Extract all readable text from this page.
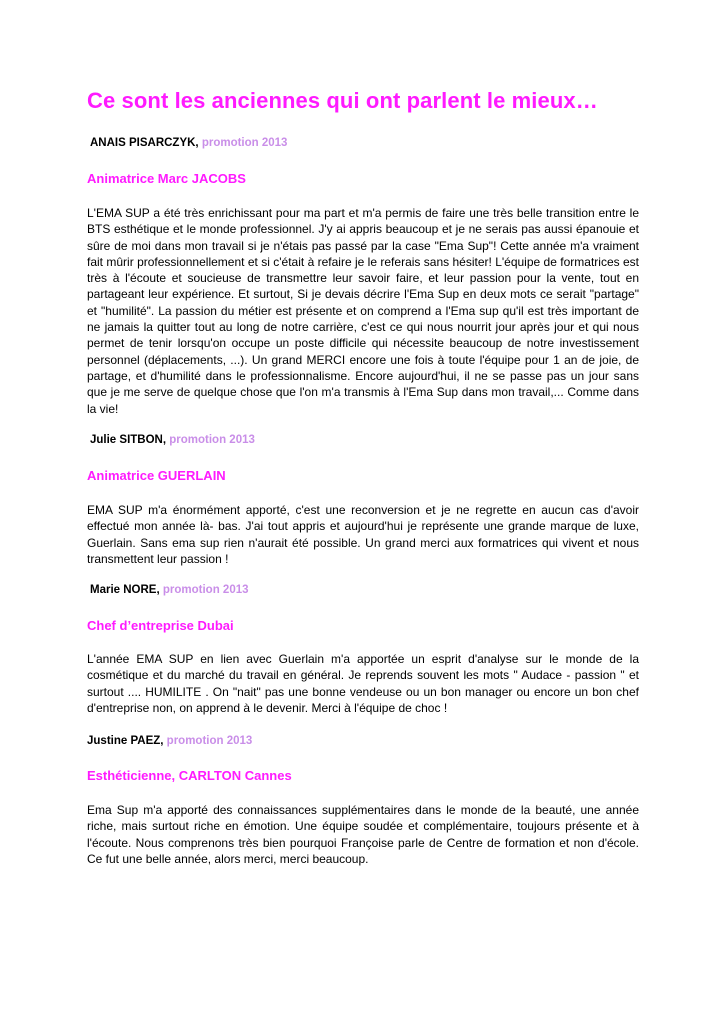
Ce sont les anciennes qui ont parlent le mieux…
ANAIS PISARCZYK, promotion 2013
Animatrice Marc JACOBS

L'EMA SUP a été très enrichissant pour ma part et m'a permis de faire une très belle transition entre le BTS esthétique et le monde professionnel. J'y ai appris beaucoup et je ne serais pas aussi épanouie et sûre de moi dans mon travail si je n'étais pas passé par la case "Ema Sup"! Cette année m'a vraiment fait mûrir professionnellement et si c'était à refaire je le referais sans hésiter! L'équipe de formatrices est très à l'écoute et soucieuse de transmettre leur savoir faire, et leur passion pour la vente, tout en partageant leur expérience. Et surtout, Si je devais décrire l'Ema Sup en deux mots ce serait "partage" et "humilité". La passion du métier est présente et on comprend a l'Ema sup qu'il est très important de ne jamais la quitter tout au long de notre carrière, c'est ce qui nous nourrit jour après jour et qui nous permet de tenir lorsqu'on occupe un poste difficile qui nécessite beaucoup de notre investissement personnel (déplacements, ...). Un grand MERCI encore une fois à toute l'équipe pour 1 an de joie, de partage, et d'humilité dans le professionnalisme. Encore aujourd'hui, il ne se passe pas un jour sans que je me serve de quelque chose que l'on m'a transmis à l'Ema Sup dans mon travail,... Comme dans la vie!

Julie SITBON, promotion 2013
Animatrice GUERLAIN

EMA SUP m'a énormément apporté, c'est une reconversion et je ne regrette en aucun cas d'avoir effectué mon année là- bas. J'ai tout appris et aujourd'hui je représente une grande marque de luxe, Guerlain. Sans ema sup rien n'aurait été possible. Un grand merci aux formatrices qui vivent et nous transmettent leur passion !

Marie NORE, promotion 2013
Chef d’entreprise Dubai

L'année EMA SUP en lien avec Guerlain m'a apportée un esprit d'analyse sur le monde de la cosmétique et du marché du travail en général. Je reprends souvent les mots " Audace - passion " et surtout .... HUMILITE . On "nait" pas une bonne vendeuse ou un bon manager ou encore un bon chef d'entreprise non, on apprend à le devenir. Merci à l'équipe de choc !

Justine PAEZ, promotion 2013
Esthéticienne, CARLTON Cannes

Ema Sup m'a apporté des connaissances supplémentaires dans le monde de la beauté, une année riche, mais surtout riche en émotion. Une équipe soudée et complémentaire, toujours présente et à l'écoute. Nous comprenons très bien pourquoi Françoise parle de Centre de formation et non d'école. Ce fut une belle année, alors merci, merci beaucoup.
